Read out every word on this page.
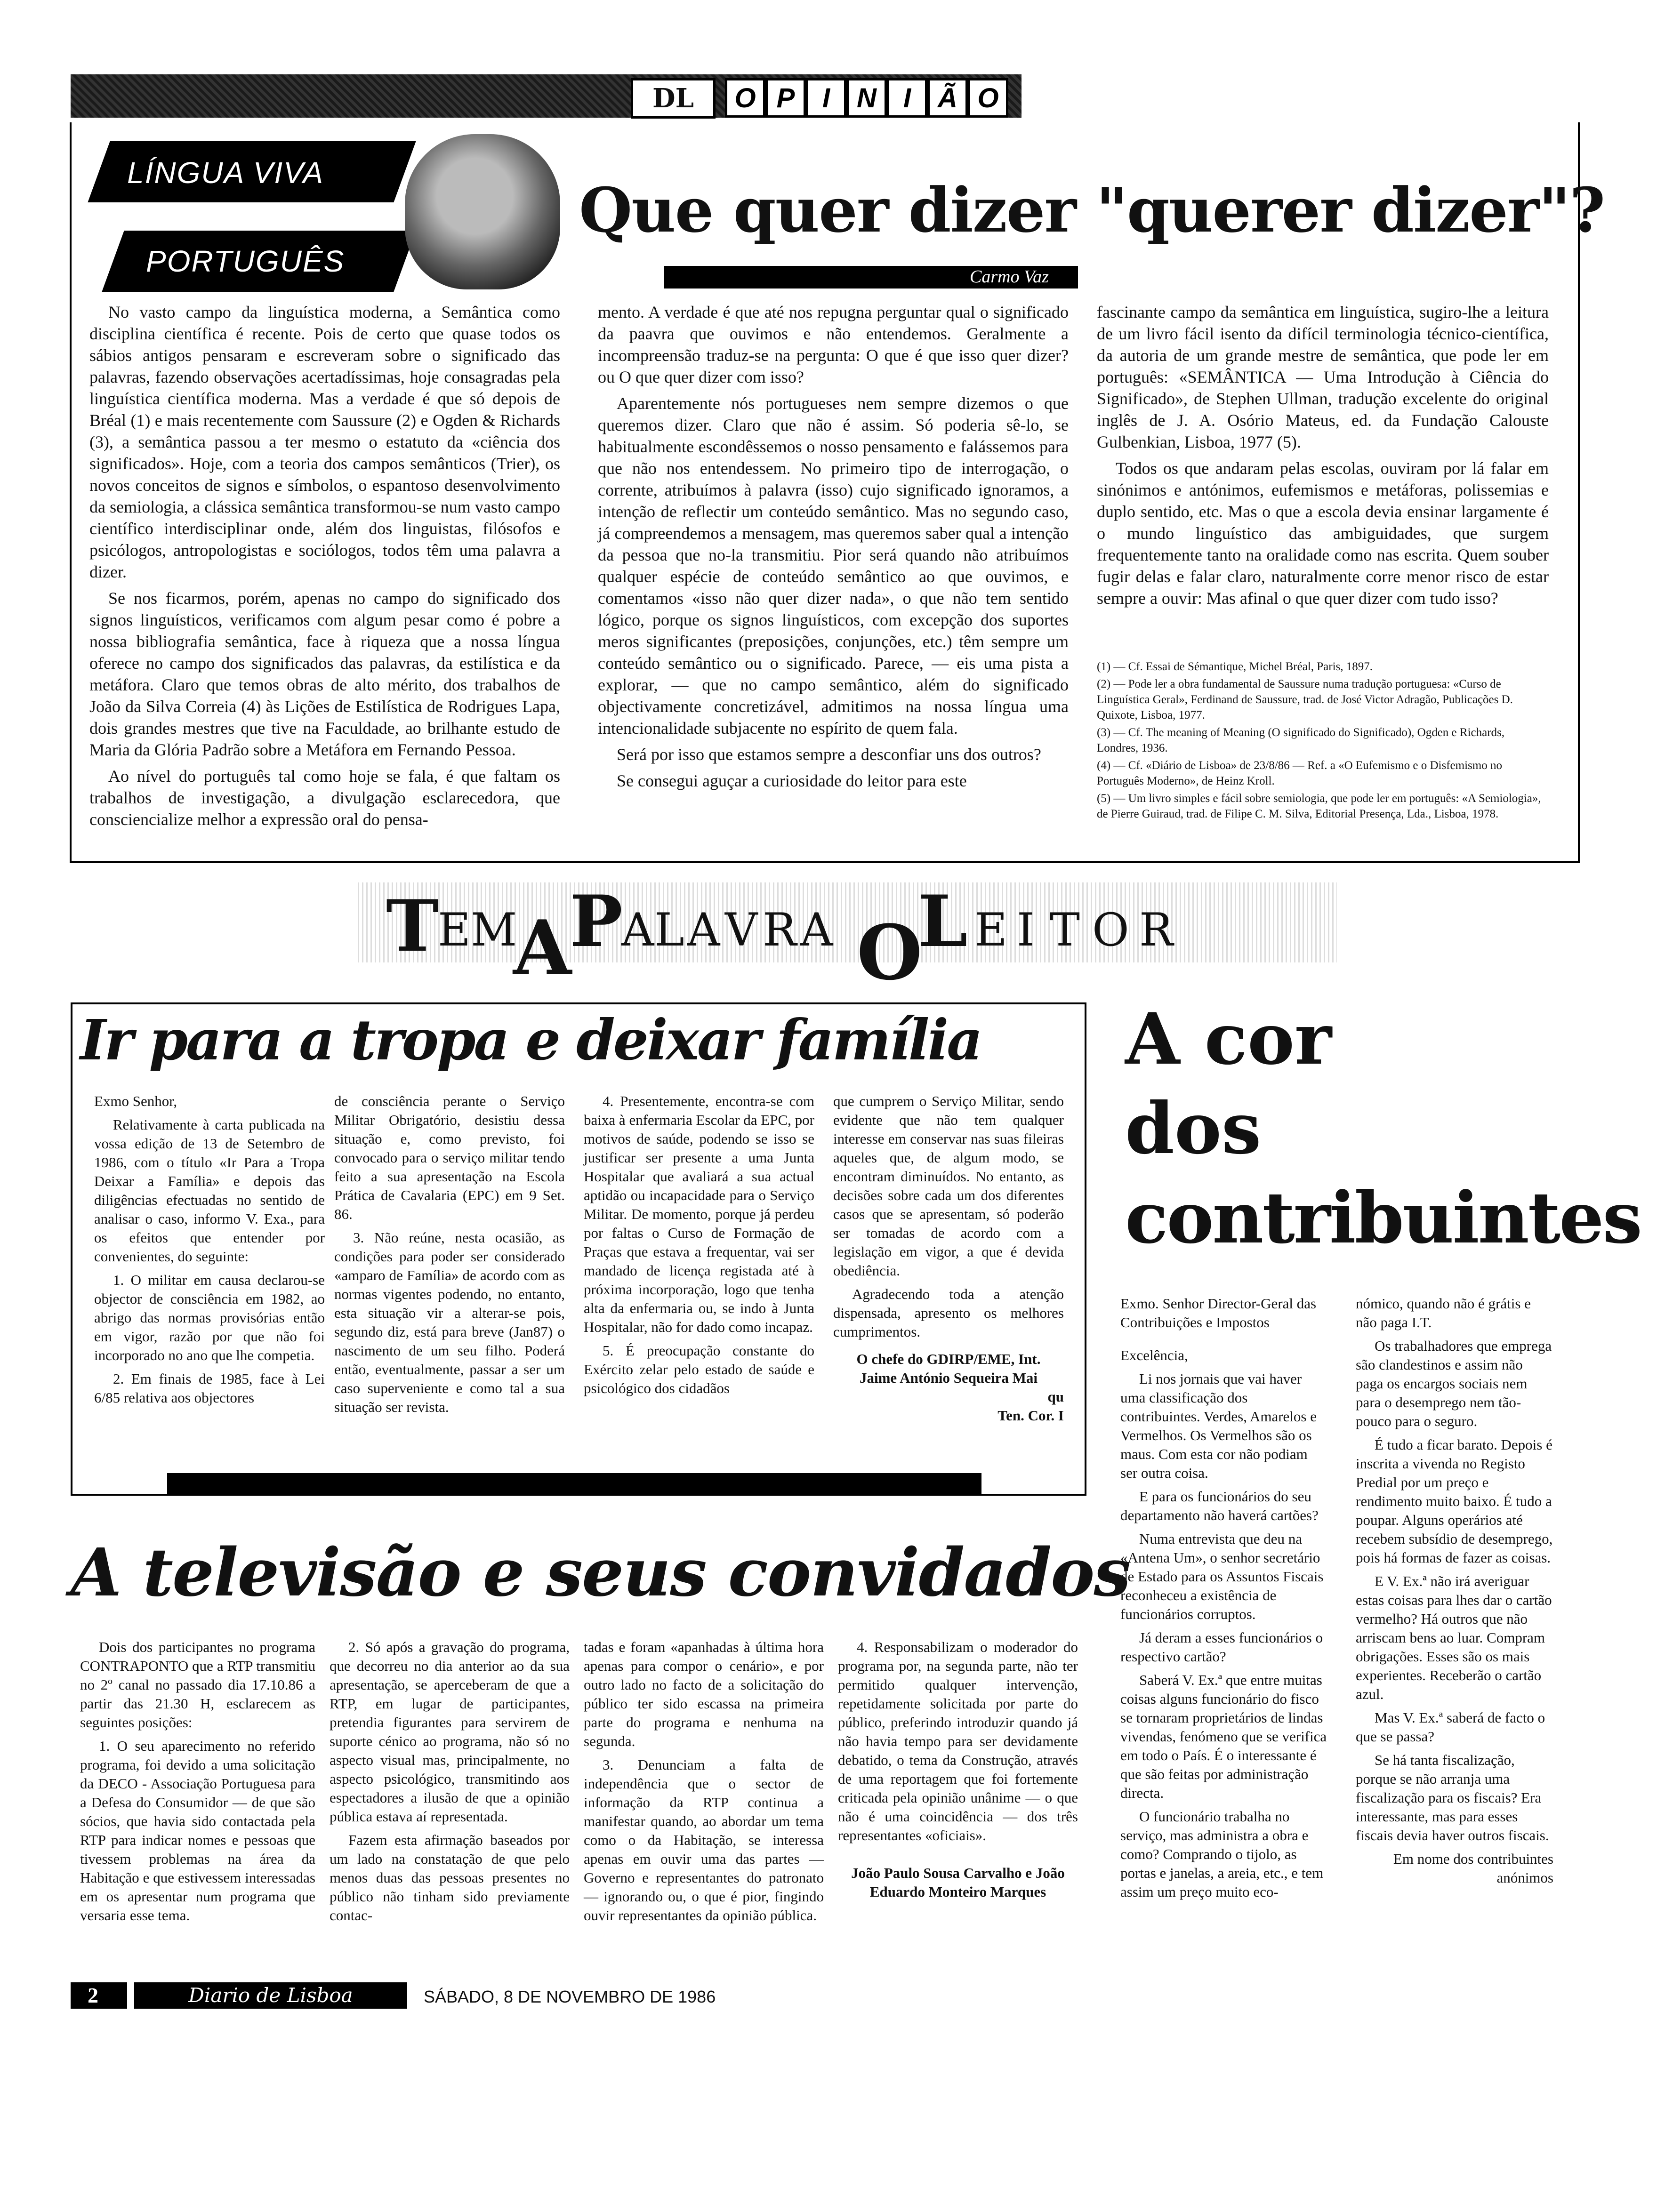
DL	O P	I N I Ã O
LÍNGUA VIVA
PORTUGUÊS
Que quer dizer "querer dizer"?
Carmo Vaz

No vasto campo da linguística moderna, a Semântica como disciplina científica é recente. Pois de certo que quase todos os sábios antigos pensaram e escreveram sobre o significado das palavras, fazendo observações acertadíssimas, hoje consagradas pela linguística científica moderna. Mas a verdade é que só depois de Bréal (1) e mais recentemente com Saussure (2) e Ogden & Richards (3), a semântica passou a ter mesmo o estatuto da «ciência dos significados». Hoje, com a teoria dos campos semânticos (Trier), os novos conceitos de signos e símbolos, o espantoso desenvolvimento da semiologia, a clássica semântica transformou-se num vasto campo científico interdisciplinar onde, além dos linguistas, filósofos e psicólogos, antropologistas e sociólogos, todos têm uma palavra a dizer.

Se nos ficarmos, porém, apenas no campo do significado dos signos linguísticos, verificamos com algum pesar como é pobre a nossa bibliografia semântica, face à riqueza que a nossa língua oferece no campo dos significados das palavras, da estilística e da metáfora. Claro que temos obras de alto mérito, dos trabalhos de João da Silva Correia (4) às Lições de Estilística de Rodrigues Lapa, dois grandes mestres que tive na Faculdade, ao brilhante estudo de Maria da Glória Padrão sobre a Metáfora em Fernando Pessoa.

Ao nível do português tal como hoje se fala, é que faltam os trabalhos de investigação, a divulgação esclarecedora, que consciencialize melhor a expressão oral do pensa-

mento. A verdade é que até nos repugna perguntar qual o significado da paavra que ouvimos e não entendemos. Geralmente a incompreensão traduz-se na pergunta: O que é que isso quer dizer? ou O que quer dizer com isso?

Aparentemente nós portugueses nem sempre dizemos o que queremos dizer. Claro que não é assim. Só poderia sê-lo, se habitualmente escondêssemos o nosso pensamento e falássemos para que não nos entendessem. No primeiro tipo de interrogação, o corrente, atribuímos à palavra (isso) cujo significado ignoramos, a intenção de reflectir um conteúdo semântico. Mas no segundo caso, já compreendemos a mensagem, mas queremos saber qual a intenção da pessoa que no-la transmitiu. Pior será quando não atribuímos qualquer espécie de conteúdo semântico ao que ouvimos, e comentamos «isso não quer dizer nada», o que não tem sentido lógico, porque os signos linguísticos, com excepção dos suportes meros significantes (preposições, conjunções, etc.) têm sempre um conteúdo semântico ou o significado. Parece, — eis uma pista a explorar, — que no campo semântico, além do significado objectivamente concretizável, admitimos na nossa língua uma intencionalidade subjacente no espírito de quem fala.

Será por isso que estamos sempre a desconfiar uns dos outros?

Se consegui aguçar a curiosidade do leitor para este

fascinante campo da semântica em linguística, sugiro-lhe a leitura de um livro fácil isento da difícil terminologia técnico-científica, da autoria de um grande mestre de semântica, que pode ler em português: «SEMÂNTICA — Uma Introdução à Ciência do Significado», de Stephen Ullman, tradução excelente do original inglês de J. A. Osório Mateus, ed. da Fundação Calouste Gulbenkian, Lisboa, 1977 (5).

Todos os que andaram pelas escolas, ouviram por lá falar em sinónimos e antónimos, eufemismos e metáforas, polissemias e duplo sentido, etc. Mas o que a escola devia ensinar largamente é o mundo linguístico das ambiguidades, que surgem frequentemente tanto na oralidade como nas escrita. Quem souber fugir delas e falar claro, naturalmente corre menor risco de estar sempre a ouvir: Mas afinal o que quer dizer com tudo isso?

(1) — Cf. Essai de Sémantique, Michel Bréal, Paris, 1897.
(2) — Pode ler a obra fundamental de Saussure numa tradução portuguesa: «Curso de Linguística Geral», Ferdinand de Saussure, trad. de José Victor Adragão, Publicações D. Quixote, Lisboa, 1977.
(3) — Cf. The meaning of Meaning (O significado do Significado), Ogden e Richards, Londres, 1936.
(4) — Cf. «Diário de Lisboa» de 23/8/86 — Ref. a «O Eufemismo e o Disfemismo no Português Moderno», de Heinz Kroll.
(5) — Um livro simples e fácil sobre semiologia, que pode ler em português: «A Semiologia», de Pierre Guiraud, trad. de Filipe C. M. Silva, Editorial Presença, Lda., Lisboa, 1978.
T
E M
A
P
A L A V R A O
L E I T O R
Ir para a tropa e deixar família

Exmo Senhor,

Relativamente à carta publicada na vossa edição de 13 de Setembro de 1986, com o título «Ir Para a Tropa Deixar a Família» e depois das diligências efectuadas no sentido de analisar o caso, informo V. Exa., para os efeitos que entender por convenientes, do seguinte:

1. O militar em causa declarou-se objector de consciência em 1982, ao abrigo das normas provisórias então em vigor, razão por que não foi incorporado no ano que lhe competia.

2. Em finais de 1985, face à Lei 6/85 relativa aos objectores

de consciência perante o Serviço Militar Obrigatório, desistiu dessa situação e, como previsto, foi convocado para o serviço militar tendo feito a sua apresentação na Escola Prática de Cavalaria (EPC) em 9 Set. 86.

3. Não reúne, nesta ocasião, as condições para poder ser considerado «amparo de Família» de acordo com as normas vigentes podendo, no entanto, esta situação vir a alterar-se pois, segundo diz, está para breve (Jan87) o nascimento de um seu filho. Poderá então, eventualmente, passar a ser um caso superveniente e como tal a sua situação ser revista.

4. Presentemente, encontra-se com baixa à enfermaria Escolar da EPC, por motivos de saúde, podendo se isso se justificar ser presente a uma Junta Hospitalar que avaliará a sua actual aptidão ou incapacidade para o Serviço Militar. De momento, porque já perdeu por faltas o Curso de Formação de Praças que estava a frequentar, vai ser mandado de licença registada até à próxima incorporação, logo que tenha alta da enfermaria ou, se indo à Junta Hospitalar, não for dado como incapaz.

5. É preocupação constante do Exército zelar pelo estado de saúde e psicológico dos cidadãos

que cumprem o Serviço Militar, sendo evidente que não tem qualquer interesse em conservar nas suas fileiras aqueles que, de algum modo, se encontram diminuídos. No entanto, as decisões sobre cada um dos diferentes casos que se apresentam, só poderão ser tomadas de acordo com a legislação em vigor, a que é devida obediência.

Agradecendo toda a atenção dispensada, apresento os melhores cumprimentos.

O chefe do GDIRP/EME, Int.
Jaime António Sequeira Mai
qu
Ten. Cor. I
A cor
dos
contribuintes

Exmo. Senhor Director-Geral das Contribuições e Impostos

Excelência,

Li nos jornais que vai haver uma classificação dos contribuintes. Verdes, Amarelos e Vermelhos. Os Vermelhos são os maus. Com esta cor não podiam ser outra coisa.

E para os funcionários do seu departamento não haverá cartões?

Numa entrevista que deu na «Antena Um», o senhor secretário de Estado para os Assuntos Fiscais reconheceu a existência de funcionários corruptos.

Já deram a esses funcionários o respectivo cartão?

Saberá V. Ex.ª que entre muitas coisas alguns funcionário do fisco se tornaram proprietários de lindas vivendas, fenómeno que se verifica em todo o País. É o interessante é que são feitas por administração directa.

O funcionário trabalha no serviço, mas administra a obra e como? Comprando o tijolo, as portas e janelas, a areia, etc., e tem assim um preço muito eco-

nómico, quando não é grátis e não paga I.T.

Os trabalhadores que emprega são clandestinos e assim não paga os encargos sociais nem para o desemprego nem tão-pouco para o seguro.

É tudo a ficar barato. Depois é inscrita a vivenda no Registo Predial por um preço e rendimento muito baixo. É tudo a poupar. Alguns operários até recebem subsídio de desemprego, pois há formas de fazer as coisas.

E V. Ex.ª não irá averiguar estas coisas para lhes dar o cartão vermelho? Há outros que não arriscam bens ao luar. Compram obrigações. Esses são os mais experientes. Receberão o cartão azul.

Mas V. Ex.ª saberá de facto o que se passa?

Se há tanta fiscalização, porque se não arranja uma fiscalização para os fiscais? Era interessante, mas para esses fiscais devia haver outros fiscais.

Em nome dos contribuintes anónimos

A televisão e seus convidados

Dois dos participantes no programa CONTRAPONTO que a RTP transmitiu no 2º canal no passado dia 17.10.86 a partir das 21.30 H, esclarecem as seguintes posições:

1. O seu aparecimento no referido programa, foi devido a uma solicitação da DECO - Associação Portuguesa para a Defesa do Consumidor — de que são sócios, que havia sido contactada pela RTP para indicar nomes e pessoas que tivessem problemas na área da Habitação e que estivessem interessadas em os apresentar num programa que versaria esse tema.

2. Só após a gravação do programa, que decorreu no dia anterior ao da sua apresentação, se aperceberam de que a RTP, em lugar de participantes, pretendia figurantes para servirem de suporte cénico ao programa, não só no aspecto visual mas, principalmente, no aspecto psicológico, transmitindo aos espectadores a ilusão de que a opinião pública estava aí representada.

Fazem esta afirmação baseados por um lado na constatação de que pelo menos duas das pessoas presentes no público não tinham sido previamente contac-

tadas e foram «apanhadas à última hora apenas para compor o cenário», e por outro lado no facto de a solicitação do público ter sido escassa na primeira parte do programa e nenhuma na segunda.

3. Denunciam a falta de independência que o sector de informação da RTP continua a manifestar quando, ao abordar um tema como o da Habitação, se interessa apenas em ouvir uma das partes — Governo e representantes do patronato — ignorando ou, o que é pior, fingindo ouvir representantes da opinião pública.

4. Responsabilizam o moderador do programa por, na segunda parte, não ter permitido qualquer intervenção, repetidamente solicitada por parte do público, preferindo introduzir quando já não havia tempo para ser devidamente debatido, o tema da Construção, através de uma reportagem que foi fortemente criticada pela opinião unânime — o que não é uma coincidência — dos três representantes «oficiais».

João Paulo Sousa Carvalho e João Eduardo Monteiro Marques

2	Diario de Lisboa	SÁBADO, 8 DE NOVEMBRO DE 1986
